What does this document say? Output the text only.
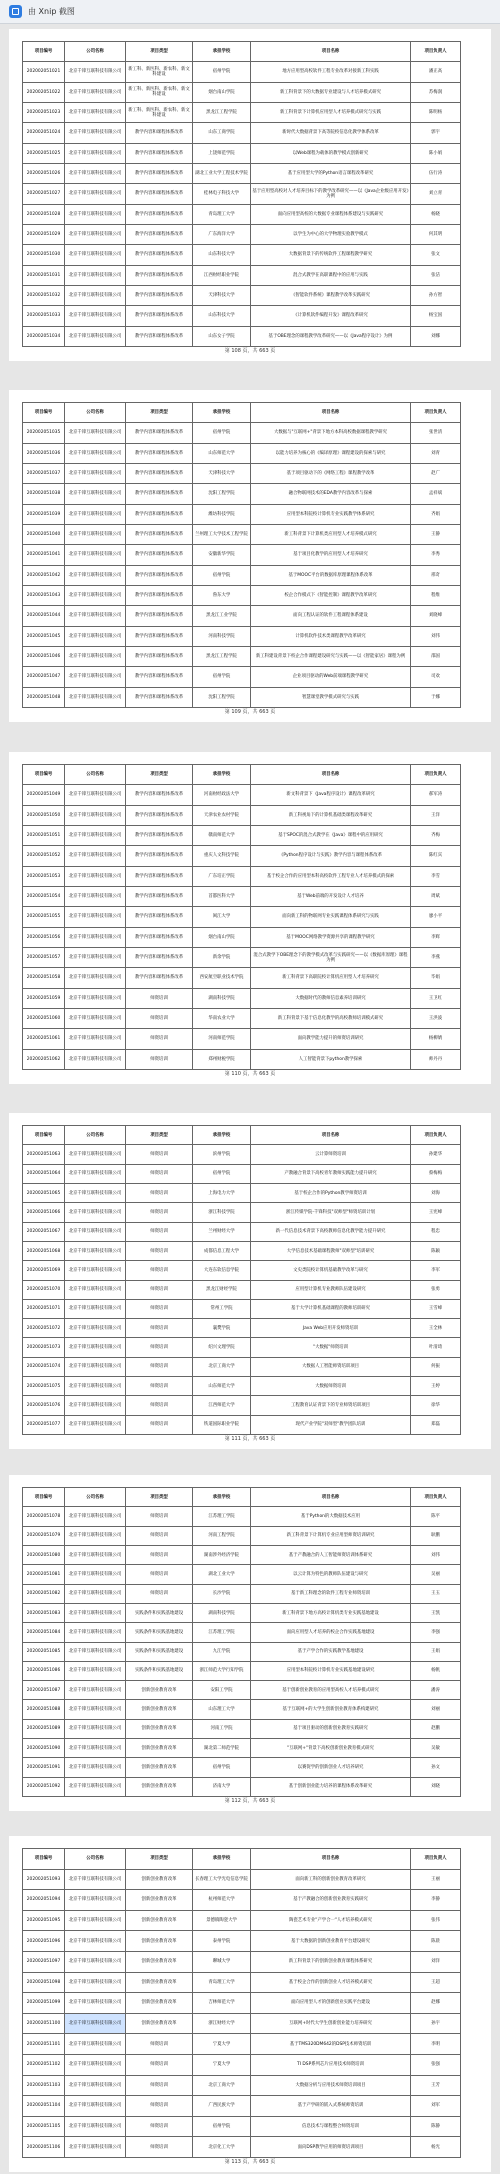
由 Xnip 截图
项目编号	公司名称	项目类型	承担学校	项目名称	项目负责人
202002051021	北京千锋互联科技有限公司	新工科、新医科、新农科、新文科建设	宿州学院	地方应用型高校软件工程专业改革对接新工科实践	潘正高
202002051022	北京千锋互联科技有限公司	新工科、新医科、新农科、新文科建设	烟台南山学院	新工科背景下的大数据专业建设与人才培养模式研究	苏梅润
202002051023	北京千锋互联科技有限公司	新工科、新医科、新农科、新文科建设	黑龙江工程学院	新工科背景下计算机应用型人才培养模式研究与实践	陈明杨
202002051024	北京千锋互联科技有限公司	教学内容和课程体系改革	山东工商学院	新时代大数据背景下高等院校信息化教学体系改革	郭宇
202002051025	北京千锋互联科技有限公司	教学内容和课程体系改革	上饶师范学院	以Web课程为载体的教学模式创新研究	陈小娟
202002051026	北京千锋互联科技有限公司	教学内容和课程体系改革	湖北工业大学工程技术学院	基于应用型大学的Python语言课程改革研究	伍行涛
202002051027	北京千锋互联科技有限公司	教学内容和课程体系改革	桂林电子科技大学	基于应用型高校对人才培养目标下的教学改革研究——以《Java企业级应用开发》为例	刘立青
202002051028	北京千锋互联科技有限公司	教学内容和课程体系改革	青岛理工大学	面向应用型高校的大数据专业课程体系建设与实践研究	杨晓
202002051029	北京千锋互联科技有限公司	教学内容和课程体系改革	广东海洋大学	以学生为中心的大学物理实验教学模式	何其明
202002051030	北京千锋互联科技有限公司	教学内容和课程体系改革	山东科技大学	大数据背景下的传统软件工程课程教学研究	张文
202002051031	北京千锋互联科技有限公司	教学内容和课程体系改革	江西财经职业学院	混合式教学在高职课程中的应用与实践	张洁
202002051032	北京千锋互联科技有限公司	教学内容和课程体系改革	天津科技大学	《智能软件系统》课程教学改革实践研究	孙方智
202002051033	北京千锋互联科技有限公司	教学内容和课程体系改革	山东科技大学	《计算机软件编程开发》课程改革研究	杨宝国
202002051034	北京千锋互联科技有限公司	教学内容和课程体系改革	山东女子学院	基于OBE理念的课程教学改革研究——以《Java程序设计》为例	刘娜
第 108 页，共 663 页
项目编号	公司名称	项目类型	承担学校	项目名称	项目负责人
202002051035	北京千锋互联科技有限公司	教学内容和课程体系改革	宿州学院	大数据与"互联网+"背景下地方本科高校数据课程教学研究	张世清
202002051036	北京千锋互联科技有限公司	教学内容和课程体系改革	山东师范大学	以能力培养为核心的《编译原理》课程建设的探索与研究	刘青
202002051037	北京千锋互联科技有限公司	教学内容和课程体系改革	天津科技大学	基于项目驱动下的《网络工程》课程教学改革	赵广
202002051038	北京千锋互联科技有限公司	教学内容和课程体系改革	沈阳工程学院	融合物联网技术的EDA教学内容改革与探索	孟祥斌
202002051039	北京千锋互联科技有限公司	教学内容和课程体系改革	潍坊科技学院	应用型本科院校计算机专业实践教学体系研究	齐娟
202002051040	北京千锋互联科技有限公司	教学内容和课程体系改革	兰州理工大学技术工程学院	新工科背景下计算机类应用型人才培养模式研究	王静
202002051041	北京千锋互联科技有限公司	教学内容和课程体系改革	安徽新华学院	基于项目化教学的应用型人才培养研究	李秀
202002051042	北京千锋互联科技有限公司	教学内容和课程体系改革	宿州学院	基于MOOC平台的数据库原理课程体系改革	邢奇
202002051043	北京千锋互联科技有限公司	教学内容和课程体系改革	鲁东大学	校企合作模式下《智能控制》课程教学改革研究	程维
202002051044	北京千锋互联科技有限公司	教学内容和课程体系改革	黑龙江工业学院	面向工程认证的软件工程课程体系建设	刘晓峰
202002051045	北京千锋互联科技有限公司	教学内容和课程体系改革	河南科技学院	计算机软件技术类课程教学改革研究	刘伟
202002051046	北京千锋互联科技有限公司	教学内容和课程体系改革	黑龙江工程学院	新工科建设背景下校企合作课程建设研究与实践——以《智能家居》课程为例	邵国
202002051047	北京千锋互联科技有限公司	教学内容和课程体系改革	宿州学院	企业项目驱动的Web前端课程教学研究	司欢
202002051048	北京千锋互联科技有限公司	教学内容和课程体系改革	沈阳工程学院	智慧课堂教学模式研究与实践	于娜
第 109 页，共 663 页
项目编号	公司名称	项目类型	承担学校	项目名称	项目负责人
202002051049	北京千锋互联科技有限公司	教学内容和课程体系改革	河南财经政法大学	新文科背景下《Java程序设计》课程改革研究	郝军涛
202002051050	北京千锋互联科技有限公司	教学内容和课程体系改革	天津农业农村学院	新工科视角下的计算机基础类课程改革研究	王洋
202002051051	北京千锋互联科技有限公司	教学内容和课程体系改革	赣南师范大学	基于SPOC的混合式教学在《Java》课程中的应用研究	齐梅
202002051052	北京千锋互联科技有限公司	教学内容和课程体系改革	重庆人文科技学院	《Python程序设计与实践》教学内容与课程体系改革	陈红宾
202002051053	北京千锋互联科技有限公司	教学内容和课程体系改革	广东培正学院	基于校企合作的应用型本科高校软件工程专业人才培养模式的探索	李雪
202002051054	北京千锋互联科技有限公司	教学内容和课程体系改革	首都医科大学	基于Web前端的开发设计人才培养	周斌
202002051055	北京千锋互联科技有限公司	教学内容和课程体系改革	闽江大学	面向新工科的物联网专业实践课程体系研究与实践	廖小平
202002051056	北京千锋互联科技有限公司	教学内容和课程体系改革	烟台南山学院	基于MOOC网络教学资源共享的课程教学研究	李辉
202002051057	北京千锋互联科技有限公司	教学内容和课程体系改革	新余学院	混合式教学下OBE理念下的教学模式改革与实践研究——以《数据库原理》课程为例	李燕
202002051058	北京千锋互联科技有限公司	教学内容和课程体系改革	西安航空职业技术学院	新工科背景下高职院校计算机应用型人才培养研究	毕娟
202002051059	北京千锋互联科技有限公司	师资培训	湖南科技学院	大数据时代的教师信息素养培训研究	王卫红
202002051060	北京千锋互联科技有限公司	师资培训	华南农业大学	新工科背景下基于信息化教学的高校教师培训模式研究	王洪波
202002051061	北京千锋互联科技有限公司	师资培训	河南师范学院	面向教学能力提升的师资培训研究	杨柳婧
202002051062	北京千锋互联科技有限公司	师资培训	郑州财税学院	人工智能背景下python教学探索	师丹丹
第 110 页，共 663 页
项目编号	公司名称	项目类型	承担学校	项目名称	项目负责人
202002051063	北京千锋互联科技有限公司	师资培训	滨州学院	云计算师资培训	孙建华
202002051064	北京千锋互联科技有限公司	师资培训	宿州学院	产教融合背景下高校青年教师实践能力提升研究	蔡梅梅
202002051065	北京千锋互联科技有限公司	师资培训	上海电力大学	基于校企合作的Python教学师资培训	刘海
202002051066	北京千锋互联科技有限公司	师资培训	浙江科技学院	浙江传媒学院-千锋科技"双师型"师资培训计划	王宪峰
202002051067	北京千锋互联科技有限公司	师资培训	兰州财经大学	新一代信息技术背景下高校教师信息化教学能力提升研究	程忠
202002051068	北京千锋互联科技有限公司	师资培训	成都信息工程大学	大学信息技术基础课程教师"双师型"培训研究	陈颖
202002051069	北京千锋互联科技有限公司	师资培训	大连东软信息学院	文史类院校计算机基础教学改革与研究	李军
202002051070	北京千锋互联科技有限公司	师资培训	黑龙江财经学院	应用型计算机专业教师队伍建设研究	张勇
202002051071	北京千锋互联科技有限公司	师资培训	常州工学院	基于大学计算机基础课程的教师培训研究	王雪峰
202002051072	北京千锋互联科技有限公司	师资培训	襄樊学院	Java Web应用开发师资培训	王全林
202002051073	北京千锋互联科技有限公司	师资培训	绍兴文理学院	"大数据"师资培训	叶清琦
202002051074	北京千锋互联科技有限公司	师资培训	北京工商大学	大数据人工智能师资培训项目	何振
202002051075	北京千锋互联科技有限公司	师资培训	山东师范大学	大数据师资培训	王婷
202002051076	北京千锋互联科技有限公司	师资培训	江西师范大学	工程教育认证背景下的专业师资培训项目	徐华
202002051077	北京千锋互联科技有限公司	师资培训	铁道国际职业学院	现代产业学院"双师型"教学团队培训	郑磊
第 111 页，共 663 页
项目编号	公司名称	项目类型	承担学校	项目名称	项目负责人
202002051078	北京千锋互联科技有限公司	师资培训	江苏理工学院	基于Python的大数据技术应用	陈平
202002051079	北京千锋互联科技有限公司	师资培训	河南工程学院	新工科背景下计算机专业应用型师资培训研究	耿鹏
202002051080	北京千锋互联科技有限公司	师资培训	湖南涉外经济学院	基于产教融合的人工智能师资培训体系研究	刘伟
202002051081	北京千锋互联科技有限公司	师资培训	湖北工业大学	以云计算为特色的教师队伍建设与研究	吴丽
202002051082	北京千锋互联科技有限公司	师资培训	长沙学院	基于新工科理念的软件工程专业师资培训	王玉
202002051083	北京千锋互联科技有限公司	实践条件和实践基地建设	湖南科技学院	新工科背景下地方高校计算机类专业实践基地建设	王凯
202002051084	北京千锋互联科技有限公司	实践条件和实践基地建设	江苏理工学院	面向应用型人才培养的校企合作实践基地建设	李强
202002051085	北京千锋互联科技有限公司	实践条件和实践基地建设	九江学院	基于产学合作的实践教学基地建设	王娟
202002051086	北京千锋互联科技有限公司	实践条件和实践基地建设	浙江师范大学行知学院	应用型本科院校计算机专业实践基地建设研究	杨帆
202002051087	北京千锋互联科技有限公司	创新创业教育改革	安阳工学院	基于创新创业教育的应用型高校人才培养模式研究	潘涛
202002051088	北京千锋互联科技有限公司	创新创业教育改革	山东理工大学	基于互联网+的大学生创新创业教育体系构建研究	刘丽
202002051089	北京千锋互联科技有限公司	创新创业教育改革	河南工学院	基于项目驱动的创新创业教育实践研究	赵鹏
202002051090	北京千锋互联科技有限公司	创新创业教育改革	湖北第二师范学院	"互联网+"背景下高校创新创业教育模式研究	吴敏
202002051091	北京千锋互联科技有限公司	创新创业教育改革	宿州学院	以赛促学的创新创业人才培养研究	孙文
202002051092	北京千锋互联科技有限公司	创新创业教育改革	济南大学	基于创新创业能力培养的课程体系改革研究	刘晓
第 112 页，共 663 页
项目编号	公司名称	项目类型	承担学校	项目名称	项目负责人
202002051093	北京千锋互联科技有限公司	创新创业教育改革	长春理工大学光电信息学院	面向新工科的创新创业教育改革研究	王丽
202002051094	北京千锋互联科技有限公司	创新创业教育改革	杭州师范大学	基于产教融合的创新创业教育实践研究	李静
202002051095	北京千锋互联科技有限公司	创新创业教育改革	景德镇陶瓷大学	陶瓷艺术专业"产学合一"人才培养模式研究	张伟
202002051096	北京千锋互联科技有限公司	创新创业教育改革	泰州学院	基于大数据的创新创业教育平台建设研究	陈晨
202002051097	北京千锋互联科技有限公司	创新创业教育改革	聊城大学	新工科背景下的创新创业教育课程体系研究	刘洋
202002051098	北京千锋互联科技有限公司	创新创业教育改革	青岛理工大学	基于校企合作的创新创业人才培养模式研究	王超
202002051099	北京千锋互联科技有限公司	创新创业教育改革	吉林师范大学	面向应用型人才的创新创业实践平台建设	赵娜
202002051100	北京千锋互联科技有限公司	创新创业教育改革	浙江财经大学	互联网+时代大学生创新创业能力培养研究	孙宇
202002051101	北京千锋互联科技有限公司	师资培训	宁夏大学	基于TMS320DM642的DSP技术师资培训	李明
202002051102	北京千锋互联科技有限公司	师资培训	宁夏大学	TI DSP系列芯片应用技术师资培训	张强
202002051103	北京千锋互联科技有限公司	师资培训	北京工商大学	大数据分析与应用技术师资培训项目	王芳
202002051104	北京千锋互联科技有限公司	师资培训	广西民族大学	基于产学研的嵌入式系统师资培训	刘军
202002051105	北京千锋互联科技有限公司	师资培训	宿州学院	信息技术与课程整合师资培训	陈静
202002051106	北京千锋互联科技有限公司	师资培训	北京化工大学	面向DSP教学应用的师资培训项目	杨光
第 113 页，共 663 页
